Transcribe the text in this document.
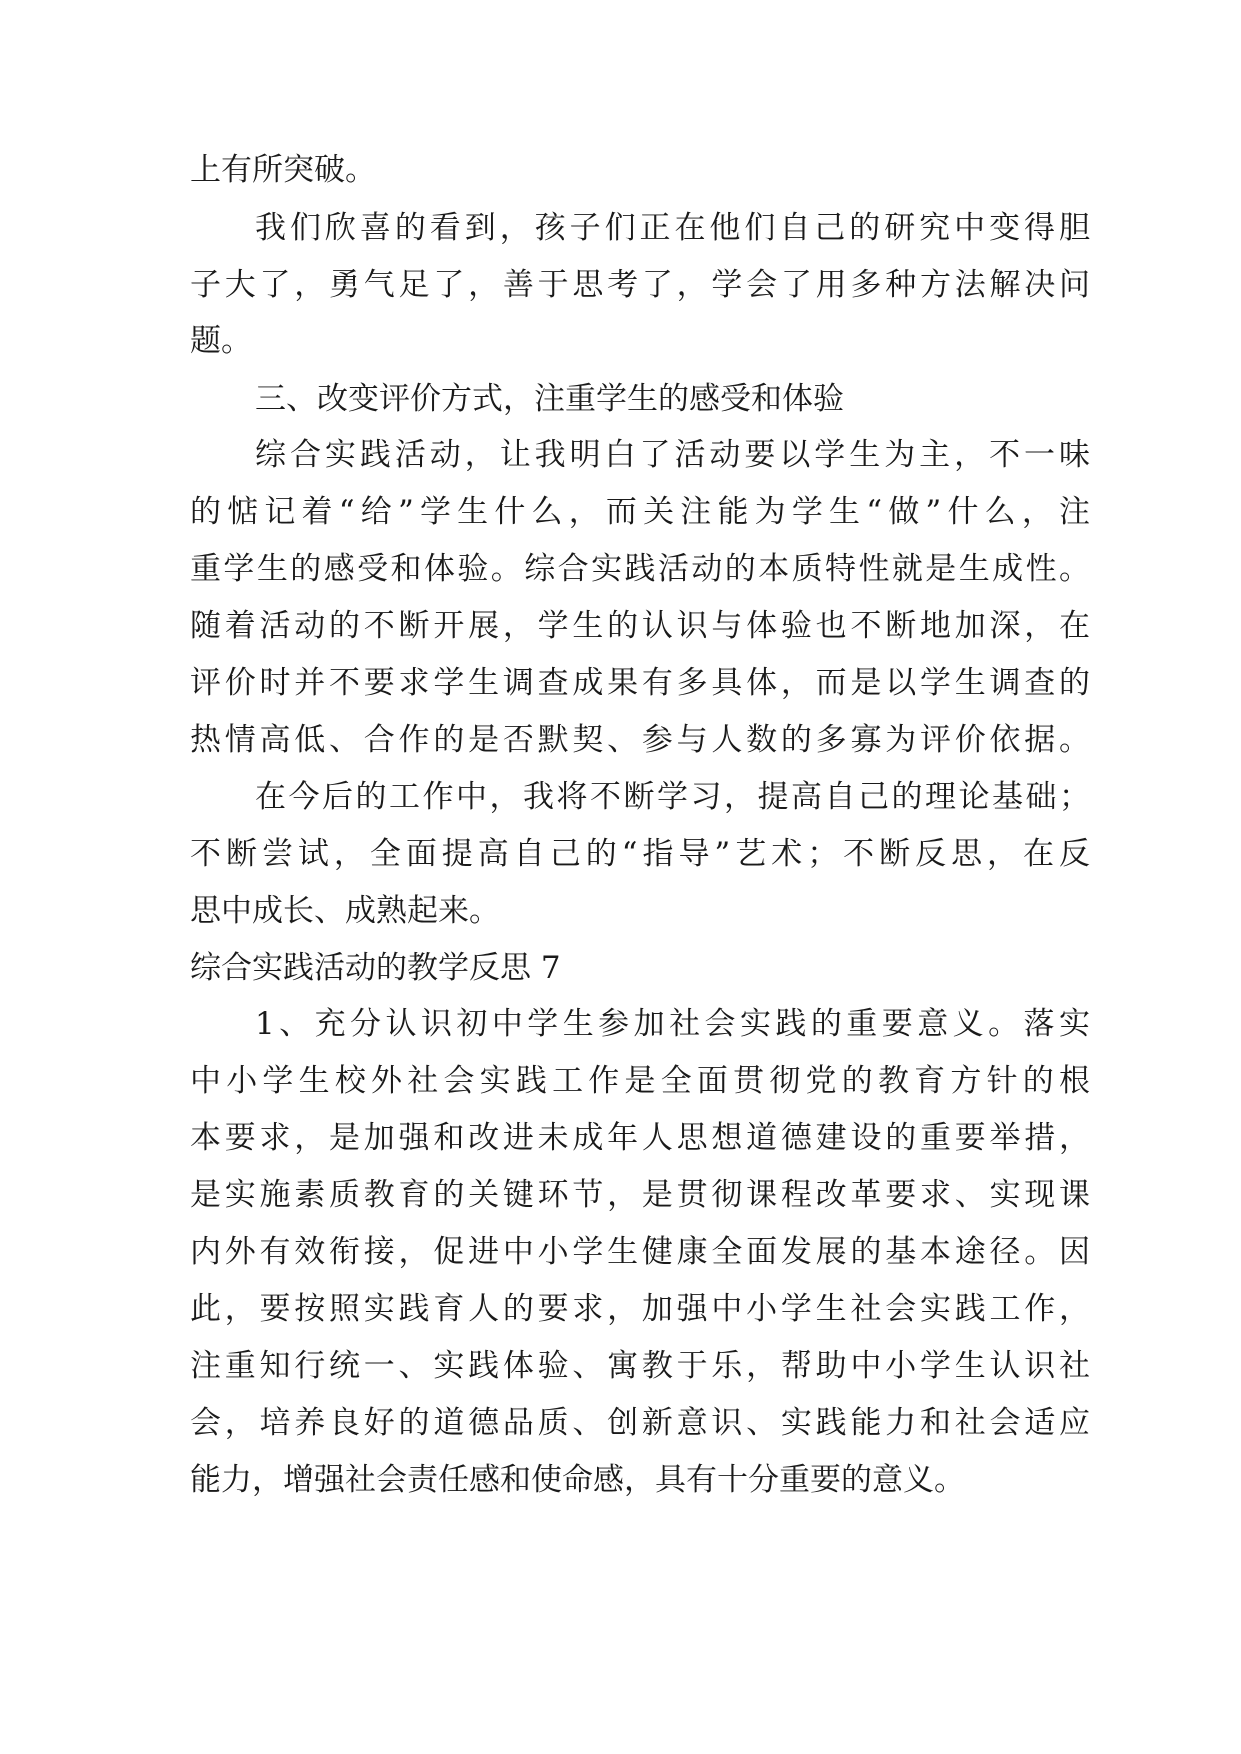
上有所突破。
我们欣喜的看到，孩子们正在他们自己的研究中变得胆
子大了，勇气足了，善于思考了，学会了用多种方法解决问
题。
三、改变评价方式，注重学生的感受和体验
综合实践活动，让我明白了活动要以学生为主，不一味
的惦记着“给”学生什么，而关注能为学生“做”什么，注
重学生的感受和体验。综合实践活动的本质特性就是生成性。
随着活动的不断开展，学生的认识与体验也不断地加深，在
评价时并不要求学生调查成果有多具体，而是以学生调查的
热情高低、合作的是否默契、参与人数的多寡为评价依据。
在今后的工作中，我将不断学习，提高自己的理论基础；
不断尝试，全面提高自己的“指导”艺术；不断反思，在反
思中成长、成熟起来。
综合实践活动的教学反思 7
1、充分认识初中学生参加社会实践的重要意义。落实
中小学生校外社会实践工作是全面贯彻党的教育方针的根
本要求，是加强和改进未成年人思想道德建设的重要举措，
是实施素质教育的关键环节，是贯彻课程改革要求、实现课
内外有效衔接，促进中小学生健康全面发展的基本途径。因
此，要按照实践育人的要求，加强中小学生社会实践工作，
注重知行统一、实践体验、寓教于乐，帮助中小学生认识社
会，培养良好的道德品质、创新意识、实践能力和社会适应
能力，增强社会责任感和使命感，具有十分重要的意义。
